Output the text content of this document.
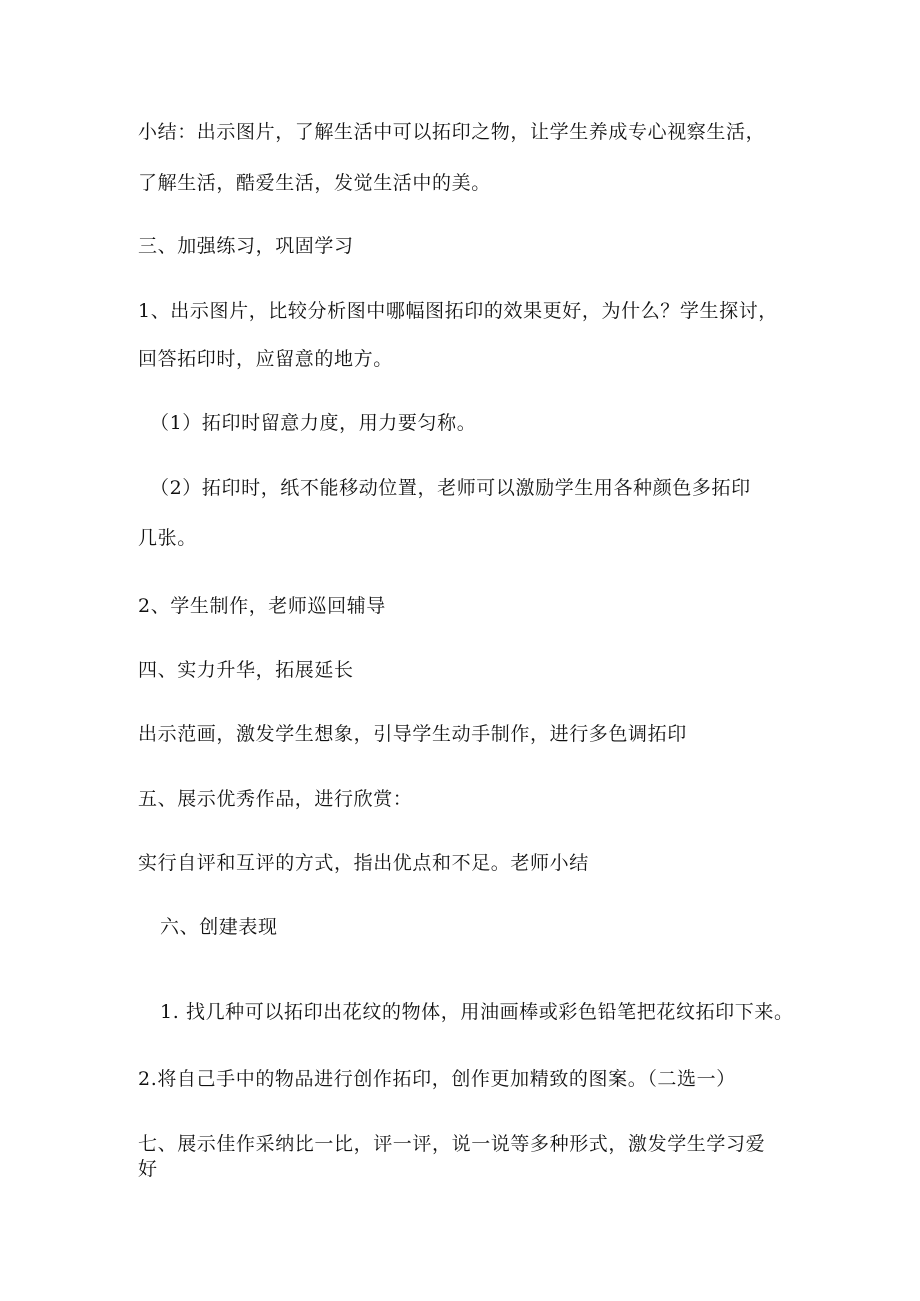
小结：出示图片，了解生活中可以拓印之物，让学生养成专心视察生活，
了解生活，酷爱生活，发觉生活中的美。
三、加强练习，巩固学习
1、出示图片，比较分析图中哪幅图拓印的效果更好，为什么？学生探讨，
回答拓印时，应留意的地方。
（1）拓印时留意力度，用力要匀称。
（2）拓印时，纸不能移动位置，老师可以激励学生用各种颜色多拓印
几张。
2、学生制作，老师巡回辅导
四、实力升华，拓展延长
出示范画，激发学生想象，引导学生动手制作，进行多色调拓印
五、展示优秀作品，进行欣赏：
实行自评和互评的方式，指出优点和不足。老师小结
六、创建表现
1. 找几种可以拓印出花纹的物体，用油画棒或彩色铅笔把花纹拓印下来。
2.将自己手中的物品进行创作拓印，创作更加精致的图案。（二选一）
七、展示佳作采纳比一比，评一评，说一说等多种形式，激发学生学习爱
好
